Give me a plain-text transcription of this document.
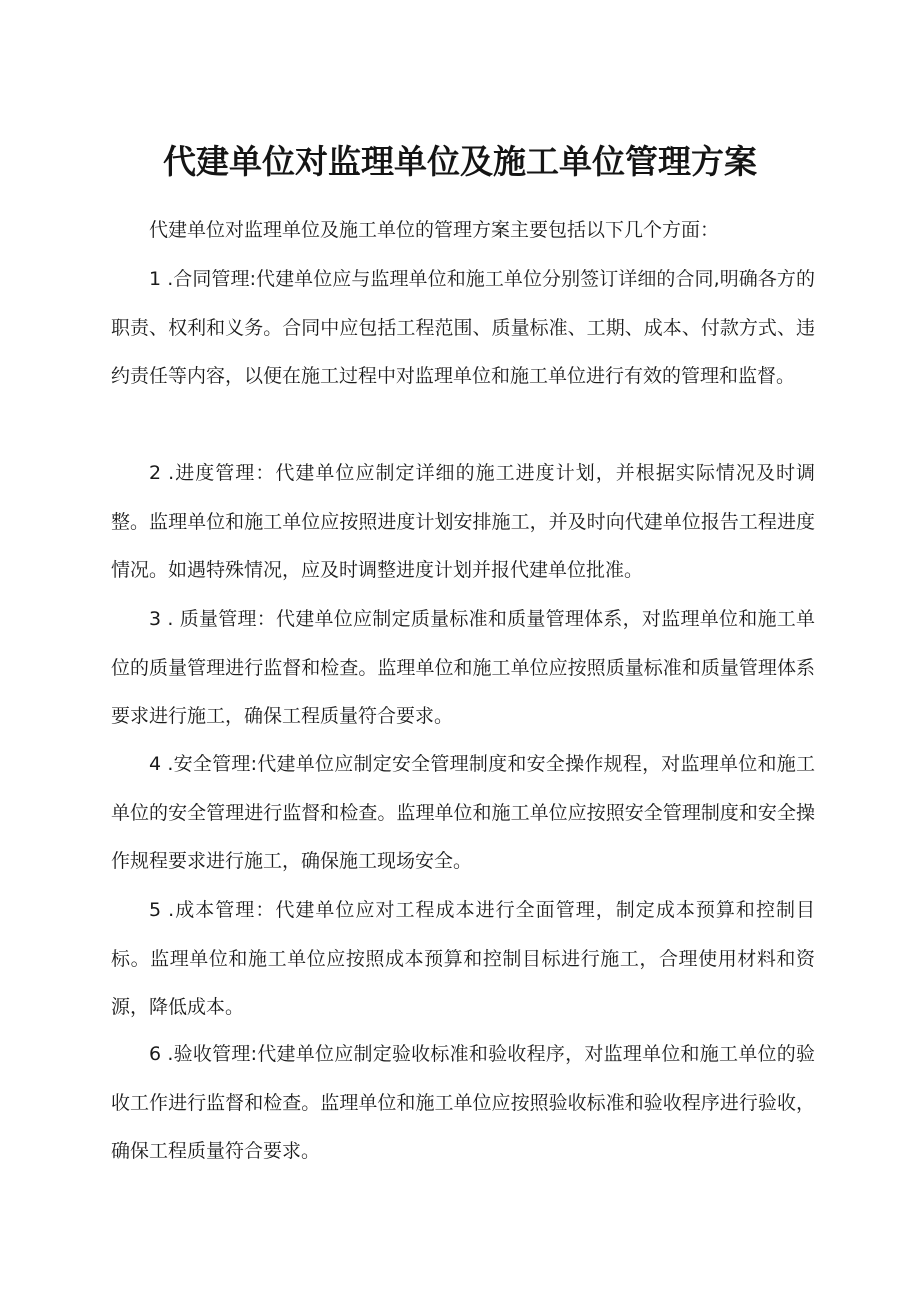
代建单位对监理单位及施工单位管理方案

代建单位对监理单位及施工单位的管理方案主要包括以下几个方面：

1 .合同管理:代建单位应与监理单位和施工单位分别签订详细的合同,明确各方的职责、权利和义务。合同中应包括工程范围、质量标准、工期、成本、付款方式、违约责任等内容，以便在施工过程中对监理单位和施工单位进行有效的管理和监督。

2 .进度管理：代建单位应制定详细的施工进度计划，并根据实际情况及时调整。监理单位和施工单位应按照进度计划安排施工，并及时向代建单位报告工程进度情况。如遇特殊情况，应及时调整进度计划并报代建单位批准。

3 . 质量管理：代建单位应制定质量标准和质量管理体系，对监理单位和施工单位的质量管理进行监督和检查。监理单位和施工单位应按照质量标准和质量管理体系要求进行施工，确保工程质量符合要求。

4 .安全管理:代建单位应制定安全管理制度和安全操作规程，对监理单位和施工单位的安全管理进行监督和检查。监理单位和施工单位应按照安全管理制度和安全操作规程要求进行施工，确保施工现场安全。

5 .成本管理：代建单位应对工程成本进行全面管理，制定成本预算和控制目标。监理单位和施工单位应按照成本预算和控制目标进行施工，合理使用材料和资源，降低成本。

6 .验收管理:代建单位应制定验收标准和验收程序，对监理单位和施工单位的验收工作进行监督和检查。监理单位和施工单位应按照验收标准和验收程序进行验收，确保工程质量符合要求。
